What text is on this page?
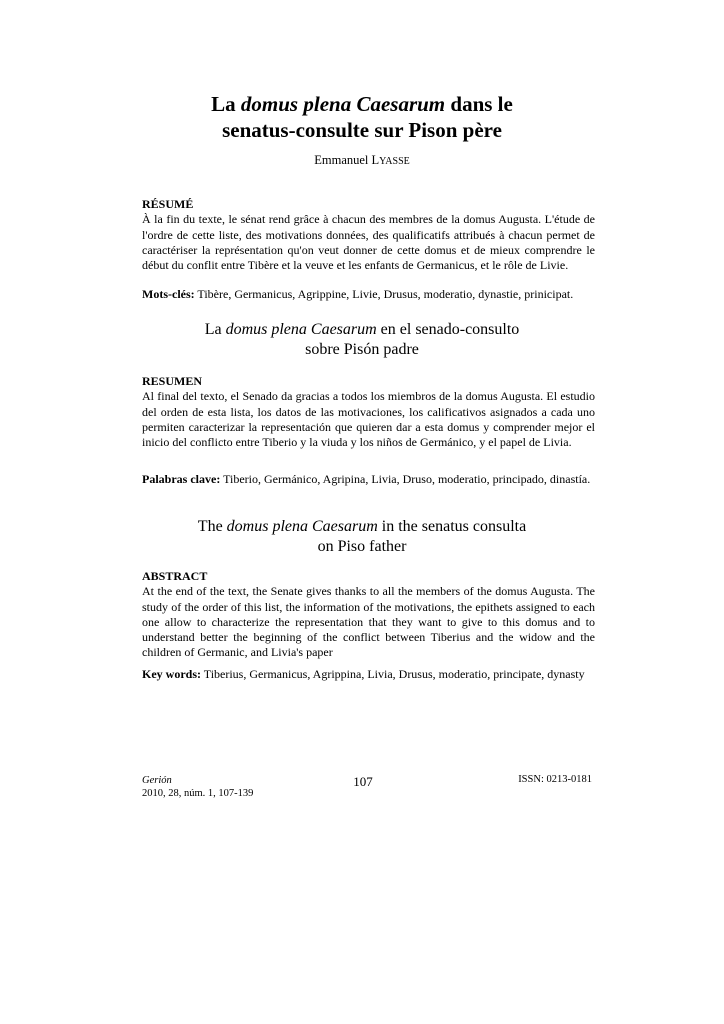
La domus plena Caesarum dans le
senatus-consulte sur Pison père
Emmanuel LYASSE
RÉSUMÉ
À la fin du texte, le sénat rend grâce à chacun des membres de la domus Augusta. L'étude de l'ordre de cette liste, des motivations données, des qualificatifs attribués à chacun permet de caractériser la représentation qu'on veut donner de cette domus et de mieux comprendre le début du conflit entre Tibère et la veuve et les enfants de Germanicus, et le rôle de Livie.
Mots-clés: Tibère, Germanicus, Agrippine, Livie, Drusus, moderatio, dynastie, prinicipat.
La domus plena Caesarum en el senado-consulto
sobre Pisón padre
RESUMEN
Al final del texto, el Senado da gracias a todos los miembros de la domus Augusta. El estudio del orden de esta lista, los datos de las motivaciones, los calificativos asignados a cada uno permiten caracterizar la representación que quieren dar a esta domus y comprender mejor el inicio del conflicto entre Tiberio y la viuda y los niños de Germánico, y el papel de Livia.
Palabras clave: Tiberio, Germánico, Agripina, Livia, Druso, moderatio, principado, dinastía.
The domus plena Caesarum in the senatus consulta
on Piso father
ABSTRACT
At the end of the text, the Senate gives thanks to all the members of the domus Augusta. The study of the order of this list, the information of the motivations, the epithets assigned to each one allow to characterize the representation that they want to give to this domus and to understand better the beginning of the conflict between Tiberius and the widow and the children of Germanic, and Livia's paper
Key words: Tiberius, Germanicus, Agrippina, Livia, Drusus, moderatio, principate, dynasty
Gerión
2010, 28, núm. 1, 107-139
107	ISSN: 0213-0181
